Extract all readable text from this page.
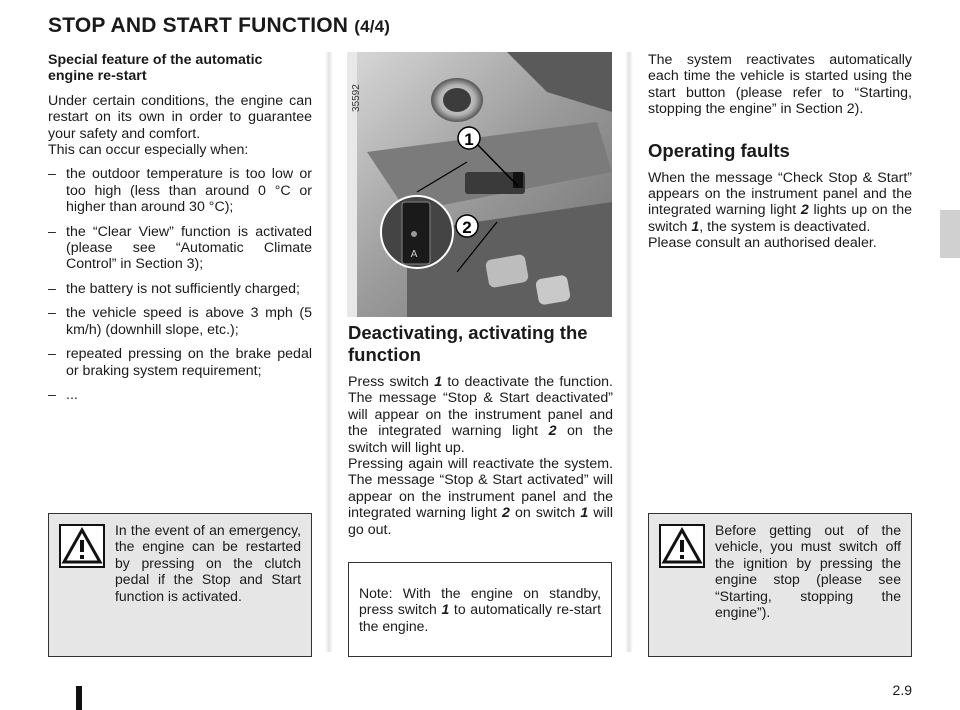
STOP AND START FUNCTION (4/4)

Special feature of the automatic engine re-start

Under certain conditions, the engine can restart on its own in order to guarantee your safety and comfort.

This can occur especially when:

– the outdoor temperature is too low or too high (less than around 0 °C or higher than around 30 °C);

– the “Clear View” function is activated (please see “Automatic Climate Control” in Section 3);

– the battery is not sufficiently charged;

– the vehicle speed is above 3 mph (5 km/h) (downhill slope, etc.);

– repeated pressing on the brake pedal or braking system requirement;

– ...

In the event of an emergency, the engine can be restarted by pressing on the clutch pedal if the Stop and Start function is activated.
A
35592
1
2

Deactivating, activating the function

Press switch 1 to deactivate the function. The message “Stop & Start deactivated” will appear on the instrument panel and the integrated warning light 2 on the switch will light up.

Pressing again will reactivate the system. The message “Stop & Start activated” will appear on the instrument panel and the integrated warning light 2 on switch 1 will go out.

Note: With the engine on standby, press switch 1 to automatically re-start the engine.

The system reactivates automatically each time the vehicle is started using the start button (please refer to “Starting, stopping the engine” in Section 2).

Operating faults

When the message “Check Stop & Start” appears on the instrument panel and the integrated warning light 2 lights up on the switch 1, the system is deactivated.

Please consult an authorised dealer.

Before getting out of the vehicle, you must switch off the ignition by pressing the engine stop (please see “Starting, stopping the engine”).
2.9
